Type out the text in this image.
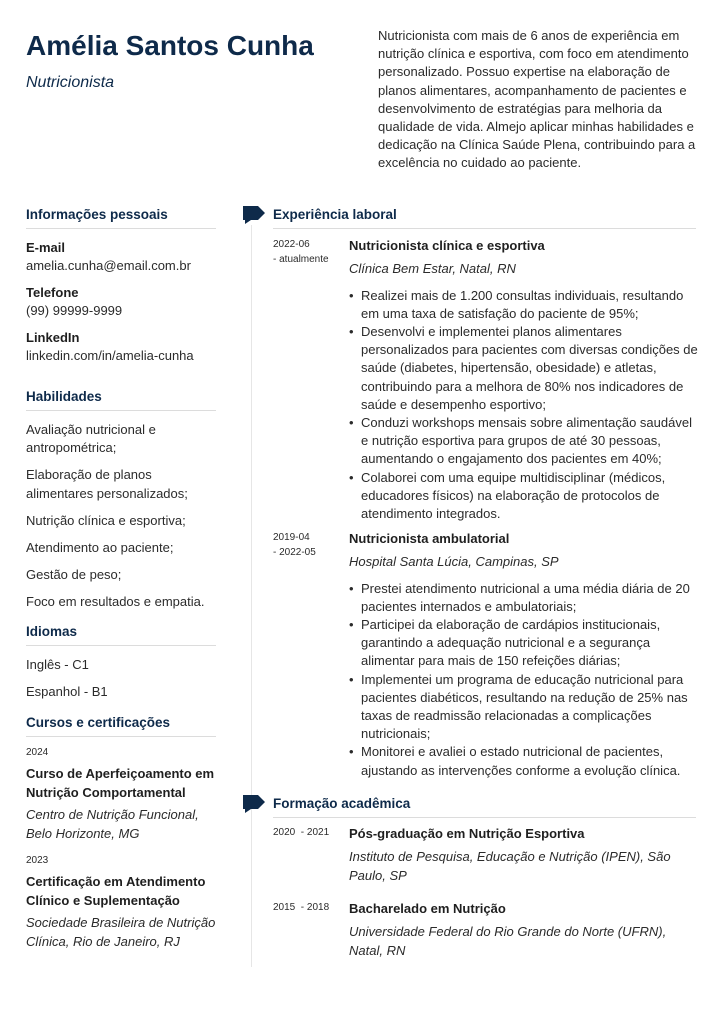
Amélia Santos Cunha
Nutricionista
Nutricionista com mais de 6 anos de experiência em nutrição clínica e esportiva, com foco em atendimento personalizado. Possuo expertise na elaboração de planos alimentares, acompanhamento de pacientes e desenvolvimento de estratégias para melhoria da qualidade de vida. Almejo aplicar minhas habilidades e dedicação na Clínica Saúde Plena, contribuindo para a excelência no cuidado ao paciente.
Informações pessoais
E-mail
amelia.cunha@email.com.br
Telefone
(99) 99999-9999
LinkedIn
linkedin.com/in/amelia-cunha
Habilidades
Avaliação nutricional e antropométrica;
Elaboração de planos alimentares personalizados;
Nutrição clínica e esportiva;
Atendimento ao paciente;
Gestão de peso;
Foco em resultados e empatia.
Idiomas
Inglês - C1
Espanhol - B1
Cursos e certificações
2024
Curso de Aperfeiçoamento em Nutrição Comportamental
Centro de Nutrição Funcional, Belo Horizonte, MG
2023
Certificação em Atendimento Clínico e Suplementação
Sociedade Brasileira de Nutrição Clínica, Rio de Janeiro, RJ
Experiência laboral
2022-06
- atualmente
Nutricionista clínica e esportiva
Clínica Bem Estar, Natal, RN
• Realizei mais de 1.200 consultas individuais, resultando em uma taxa de satisfação do paciente de 95%;
• Desenvolvi e implementei planos alimentares personalizados para pacientes com diversas condições de saúde (diabetes, hipertensão, obesidade) e atletas, contribuindo para a melhora de 80% nos indicadores de saúde e desempenho esportivo;
• Conduzi workshops mensais sobre alimentação saudável e nutrição esportiva para grupos de até 30 pessoas, aumentando o engajamento dos pacientes em 40%;
• Colaborei com uma equipe multidisciplinar (médicos, educadores físicos) na elaboração de protocolos de atendimento integrados.
2019-04
- 2022-05
Nutricionista ambulatorial
Hospital Santa Lúcia, Campinas, SP
• Prestei atendimento nutricional a uma média diária de 20 pacientes internados e ambulatoriais;
• Participei da elaboração de cardápios institucionais, garantindo a adequação nutricional e a segurança alimentar para mais de 150 refeições diárias;
• Implementei um programa de educação nutricional para pacientes diabéticos, resultando na redução de 25% nas taxas de readmissão relacionadas a complicações nutricionais;
• Monitorei e avaliei o estado nutricional de pacientes, ajustando as intervenções conforme a evolução clínica.
Formação acadêmica
2020  - 2021 Pós-graduação em Nutrição Esportiva
Instituto de Pesquisa, Educação e Nutrição (IPEN), São Paulo, SP
2015  - 2018 Bacharelado em Nutrição
Universidade Federal do Rio Grande do Norte (UFRN), Natal, RN
